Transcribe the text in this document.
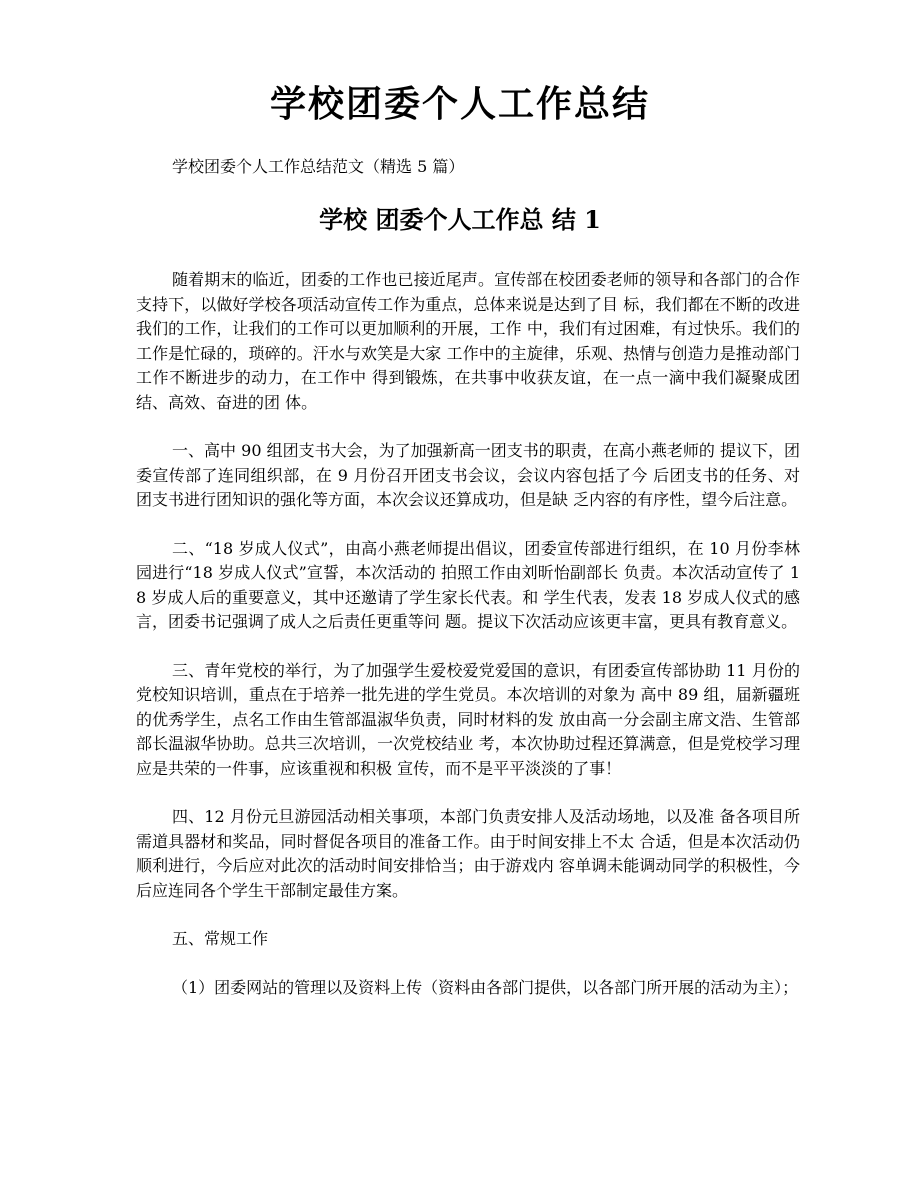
学校团委个人工作总结

学校团委个人工作总结范文（精选 5 篇）

学校 团委个人工作总 结 1

随着期末的临近，团委的工作也已接近尾声。宣传部在校团委老师的领导和各部门的合作支持下，以做好学校各项活动宣传工作为重点，总体来说是达到了目 标，我们都在不断的改进我们的工作，让我们的工作可以更加顺利的开展，工作 中，我们有过困难，有过快乐。我们的工作是忙碌的，琐碎的。汗水与欢笑是大家 工作中的主旋律，乐观、热情与创造力是推动部门工作不断进步的动力，在工作中 得到锻炼，在共事中收获友谊，在一点一滴中我们凝聚成团结、高效、奋进的团 体。

一、高中 90 组团支书大会，为了加强新高一团支书的职责，在高小燕老师的 提议下，团委宣传部了连同组织部，在 9 月份召开团支书会议，会议内容包括了今 后团支书的任务、对团支书进行团知识的强化等方面，本次会议还算成功，但是缺 乏内容的有序性，望今后注意。

二、“18 岁成人仪式”，由高小燕老师提出倡议，团委宣传部进行组织，在 10 月份李林园进行“18 岁成人仪式”宣誓，本次活动的 拍照工作由刘昕怡副部长 负责。本次活动宣传了 18 岁成人后的重要意义，其中还邀请了学生家长代表。和 学生代表，发表 18 岁成人仪式的感言，团委书记强调了成人之后责任更重等问 题。提议下次活动应该更丰富，更具有教育意义。

三、青年党校的举行，为了加强学生爱校爱党爱国的意识，有团委宣传部协助 11 月份的党校知识培训，重点在于培养一批先进的学生党员。本次培训的对象为 高中 89 组，届新疆班的优秀学生，点名工作由生管部温淑华负责，同时材料的发 放由高一分会副主席文浩、生管部部长温淑华协助。总共三次培训，一次党校结业 考，本次协助过程还算满意，但是党校学习理应是共荣的一件事，应该重视和积极 宣传，而不是平平淡淡的了事！

四、12 月份元旦游园活动相关事项，本部门负责安排人及活动场地，以及准 备各项目所需道具器材和奖品，同时督促各项目的准备工作。由于时间安排上不太 合适，但是本次活动仍顺利进行，今后应对此次的活动时间安排恰当；由于游戏内 容单调未能调动同学的积极性，今后应连同各个学生干部制定最佳方案。

五、常规工作

（1）团委网站的管理以及资料上传（资料由各部门提供，以各部门所开展的活动为主）；
